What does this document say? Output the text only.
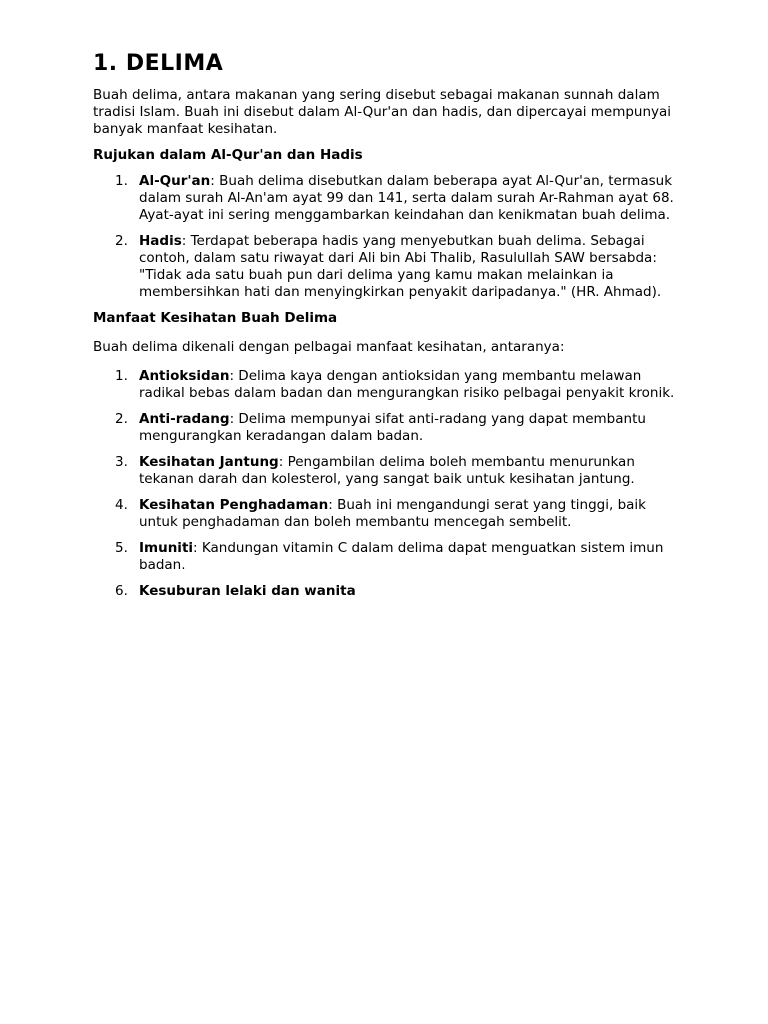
1. DELIMA

Buah delima, antara makanan yang sering disebut sebagai makanan sunnah dalam tradisi Islam. Buah ini disebut dalam Al-Qur'an dan hadis, dan dipercayai mempunyai banyak manfaat kesihatan.

Rujukan dalam Al-Qur'an dan Hadis
1. Al-Qur'an: Buah delima disebutkan dalam beberapa ayat Al-Qur'an, termasuk dalam surah Al-An'am ayat 99 dan 141, serta dalam surah Ar-Rahman ayat 68. Ayat-ayat ini sering menggambarkan keindahan dan kenikmatan buah delima.
2. Hadis: Terdapat beberapa hadis yang menyebutkan buah delima. Sebagai contoh, dalam satu riwayat dari Ali bin Abi Thalib, Rasulullah SAW bersabda: "Tidak ada satu buah pun dari delima yang kamu makan melainkan ia membersihkan hati dan menyingkirkan penyakit daripadanya." (HR. Ahmad).
Manfaat Kesihatan Buah Delima

Buah delima dikenali dengan pelbagai manfaat kesihatan, antaranya:

1. Antioksidan: Delima kaya dengan antioksidan yang membantu melawan radikal bebas dalam badan dan mengurangkan risiko pelbagai penyakit kronik.
2. Anti-radang: Delima mempunyai sifat anti-radang yang dapat membantu mengurangkan keradangan dalam badan.
3. Kesihatan Jantung: Pengambilan delima boleh membantu menurunkan tekanan darah dan kolesterol, yang sangat baik untuk kesihatan jantung.
4. Kesihatan Penghadaman: Buah ini mengandungi serat yang tinggi, baik untuk penghadaman dan boleh membantu mencegah sembelit.
5. Imuniti: Kandungan vitamin C dalam delima dapat menguatkan sistem imun badan.
6. Kesuburan lelaki dan wanita
